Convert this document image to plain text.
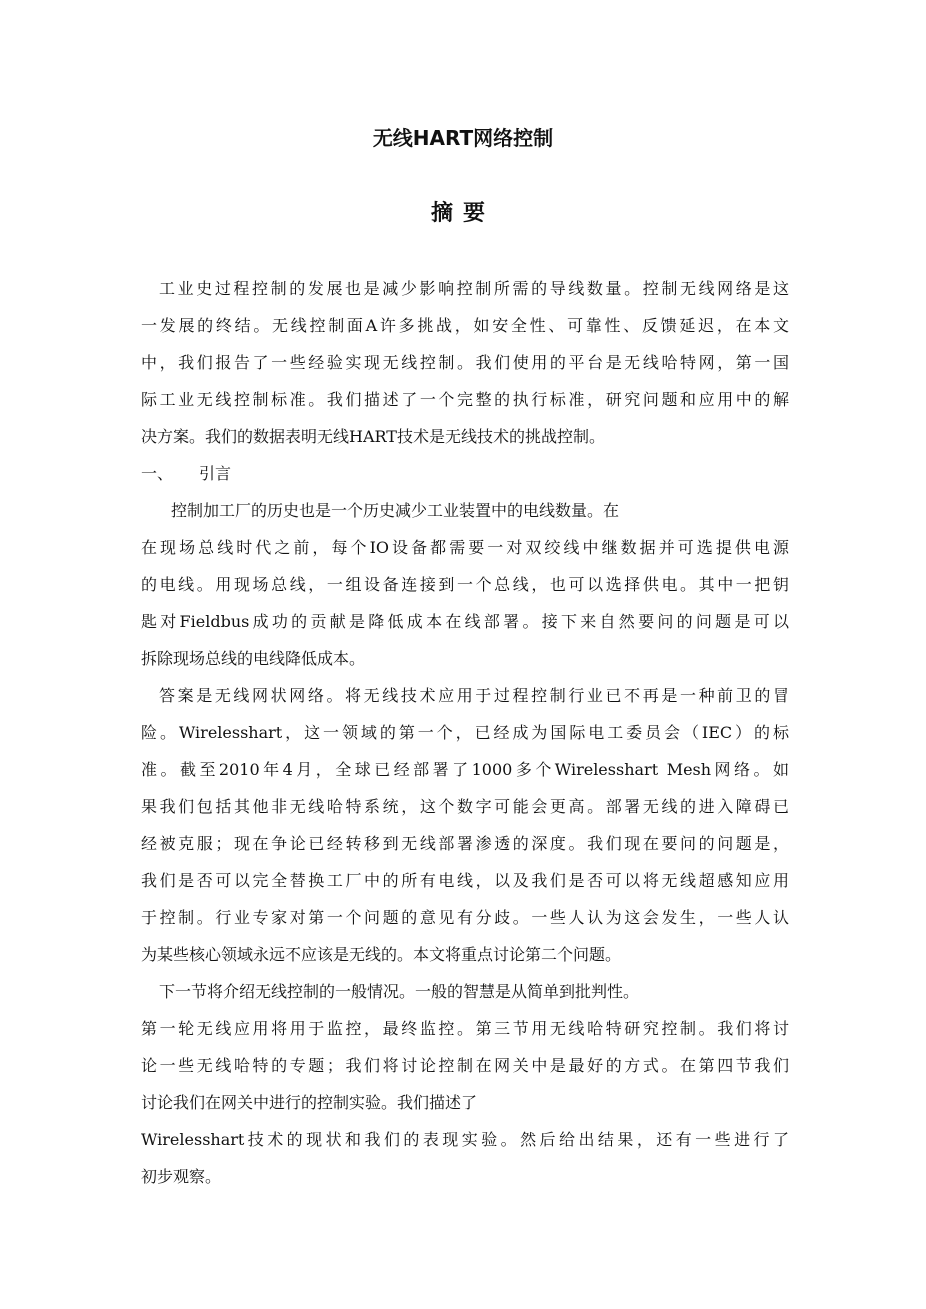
无线HART网络控制
摘要
工业史过程控制的发展也是减少影响控制所需的导线数量。控制无线网络是这
一发展的终结。无线控制面A许多挑战，如安全性、可靠性、反馈延迟，在本文
中，我们报告了一些经验实现无线控制。我们使用的平台是无线哈特网，第一国
际工业无线控制标准。我们描述了一个完整的执行标准，研究问题和应用中的解
决方案。我们的数据表明无线HART技术是无线技术的挑战控制。
一、	引言
控制加工厂的历史也是一个历史减少工业装置中的电线数量。在
在现场总线时代之前，每个IO设备都需要一对双绞线中继数据并可选提供电源
的电线。用现场总线，一组设备连接到一个总线，也可以选择供电。其中一把钥
匙对Fieldbus成功的贡献是降低成本在线部署。接下来自然要问的问题是可以
拆除现场总线的电线降低成本。
答案是无线网状网络。将无线技术应用于过程控制行业已不再是一种前卫的冒
险。Wirelesshart，这一领域的第一个，已经成为国际电工委员会（IEC）的标
准。截至2010年4月，全球已经部署了1000多个Wirelesshart Mesh网络。如
果我们包括其他非无线哈特系统，这个数字可能会更高。部署无线的进入障碍已
经被克服；现在争论已经转移到无线部署渗透的深度。我们现在要问的问题是，
我们是否可以完全替换工厂中的所有电线，以及我们是否可以将无线超感知应用
于控制。行业专家对第一个问题的意见有分歧。一些人认为这会发生，一些人认
为某些核心领域永远不应该是无线的。本文将重点讨论第二个问题。
下一节将介绍无线控制的一般情况。一般的智慧是从简单到批判性。
第一轮无线应用将用于监控，最终监控。第三节用无线哈特研究控制。我们将讨
论一些无线哈特的专题；我们将讨论控制在网关中是最好的方式。在第四节我们
讨论我们在网关中进行的控制实验。我们描述了
Wirelesshart技术的现状和我们的表现实验。然后给出结果，还有一些进行了
初步观察。
